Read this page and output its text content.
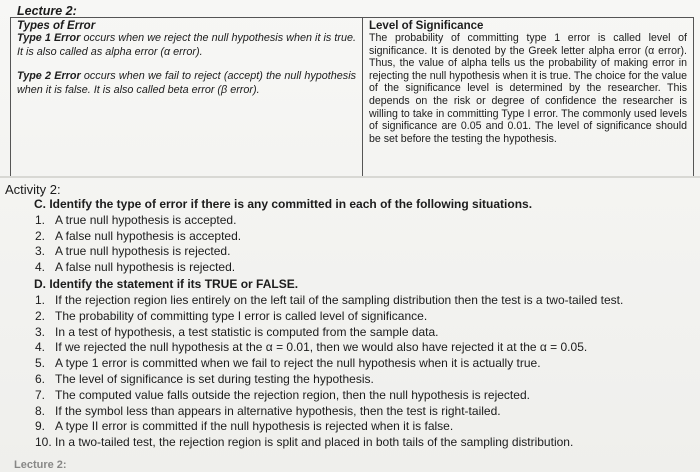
Lecture 2:
Types of Error
Type 1 Error occurs when we reject the null hypothesis when it is true. It is also called as alpha error (α error).
Type 2 Error occurs when we fail to reject (accept) the null hypothesis when it is false. It is also called beta error (β error).
Level of Significance
The probability of committing type 1 error is called level of significance. It is denoted by the Greek letter alpha error (α error). Thus, the value of alpha tells us the probability of making error in rejecting the null hypothesis when it is true. The choice for the value of the significance level is determined by the researcher. This depends on the risk or degree of confidence the researcher is willing to take in committing Type I error. The commonly used levels of significance are 0.05 and 0.01. The level of significance should be set before the testing the hypothesis.
Activity 2:
C. Identify the type of error if there is any committed in each of the following situations.
1. A true null hypothesis is accepted.
2. A false null hypothesis is accepted.
3. A true null hypothesis is rejected.
4. A false null hypothesis is rejected.
D. Identify the statement if its TRUE or FALSE.
1. If the rejection region lies entirely on the left tail of the sampling distribution then the test is a two-tailed test.
2. The probability of committing type I error is called level of significance.
3. In a test of hypothesis, a test statistic is computed from the sample data.
4. If we rejected the null hypothesis at the α = 0.01, then we would also have rejected it at the α = 0.05.
5. A type 1 error is committed when we fail to reject the null hypothesis when it is actually true.
6. The level of significance is set during testing the hypothesis.
7. The computed value falls outside the rejection region, then the null hypothesis is rejected.
8. If the symbol less than appears in alternative hypothesis, then the test is right-tailed.
9. A type II error is committed if the null hypothesis is rejected when it is false.
10. In a two-tailed test, the rejection region is split and placed in both tails of the sampling distribution.
Lecture 2:
